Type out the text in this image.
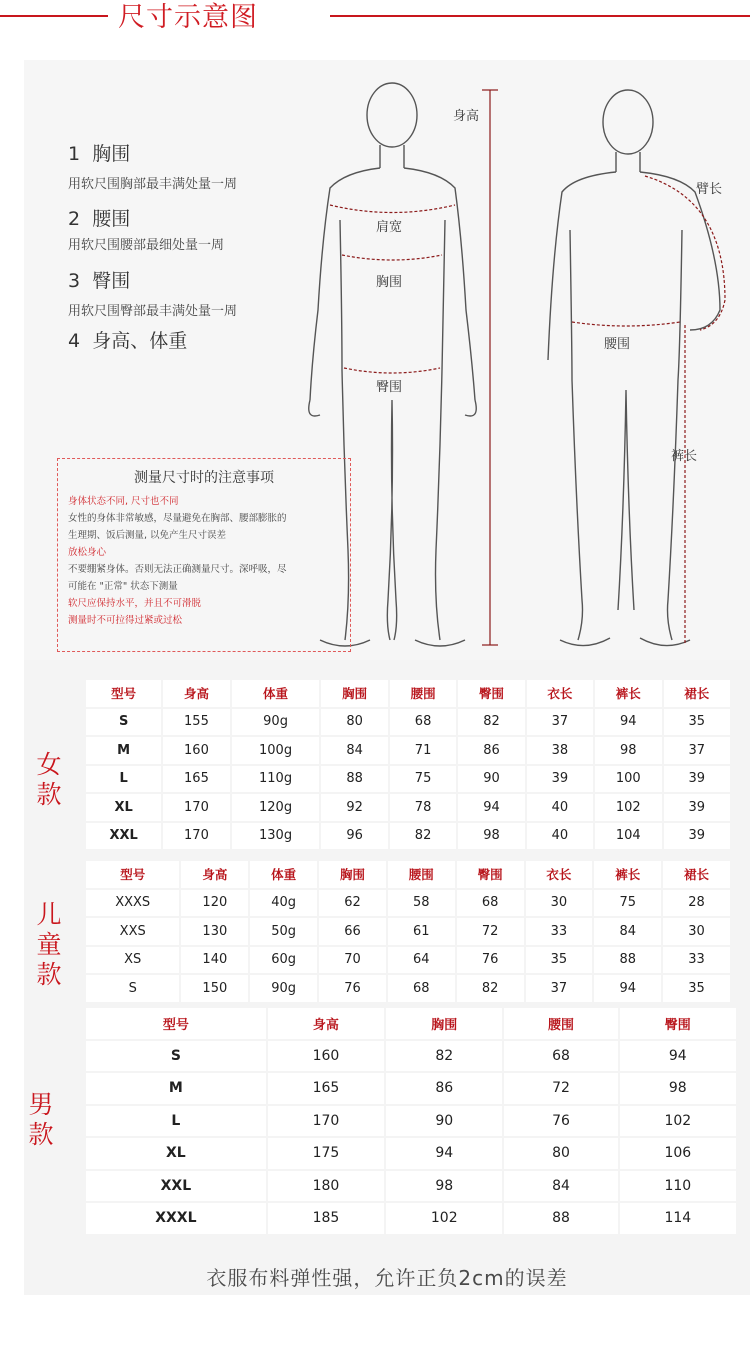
尺寸示意图
1 胸围
用软尺围胸部最丰满处量一周
2 腰围
用软尺围腰部最细处量一周
3 臀围
用软尺围臀部最丰满处量一周
4 身高、体重
身高
肩宽
胸围
臀围
臂长
腰围
裤长
测量尺寸时的注意事项
身体状态不同, 尺寸也不同
女性的身体非常敏感，尽量避免在胸部、腰部膨胀的
生理期、饭后测量, 以免产生尺寸误差
放松身心
不要绷紧身体。否则无法正确测量尺寸。深呼吸，尽
可能在 "正常" 状态下测量
软尺应保持水平，并且不可滑脱
测量时不可拉得过紧或过松
女
款
儿
童
款
男
款
型号	身高	体重	胸围	腰围	臀围	衣长	裤长	裙长
S	155	90g	80	68	82	37	94	35
M	160	100g	84	71	86	38	98	37
L	165	110g	88	75	90	39	100	39
XL	170	120g	92	78	94	40	102	39
XXL	170	130g	96	82	98	40	104	39
型号	身高	体重	胸围	腰围	臀围	衣长	裤长	裙长
XXXS	120	40g	62	58	68	30	75	28
XXS	130	50g	66	61	72	33	84	30
XS	140	60g	70	64	76	35	88	33
S	150	90g	76	68	82	37	94	35
型号	身高	胸围	腰围	臀围
S	160	82	68	94
M	165	86	72	98
L	170	90	76	102
XL	175	94	80	106
XXL	180	98	84	110
XXXL	185	102	88	114
衣服布料弹性强，允许正负2cm的误差
